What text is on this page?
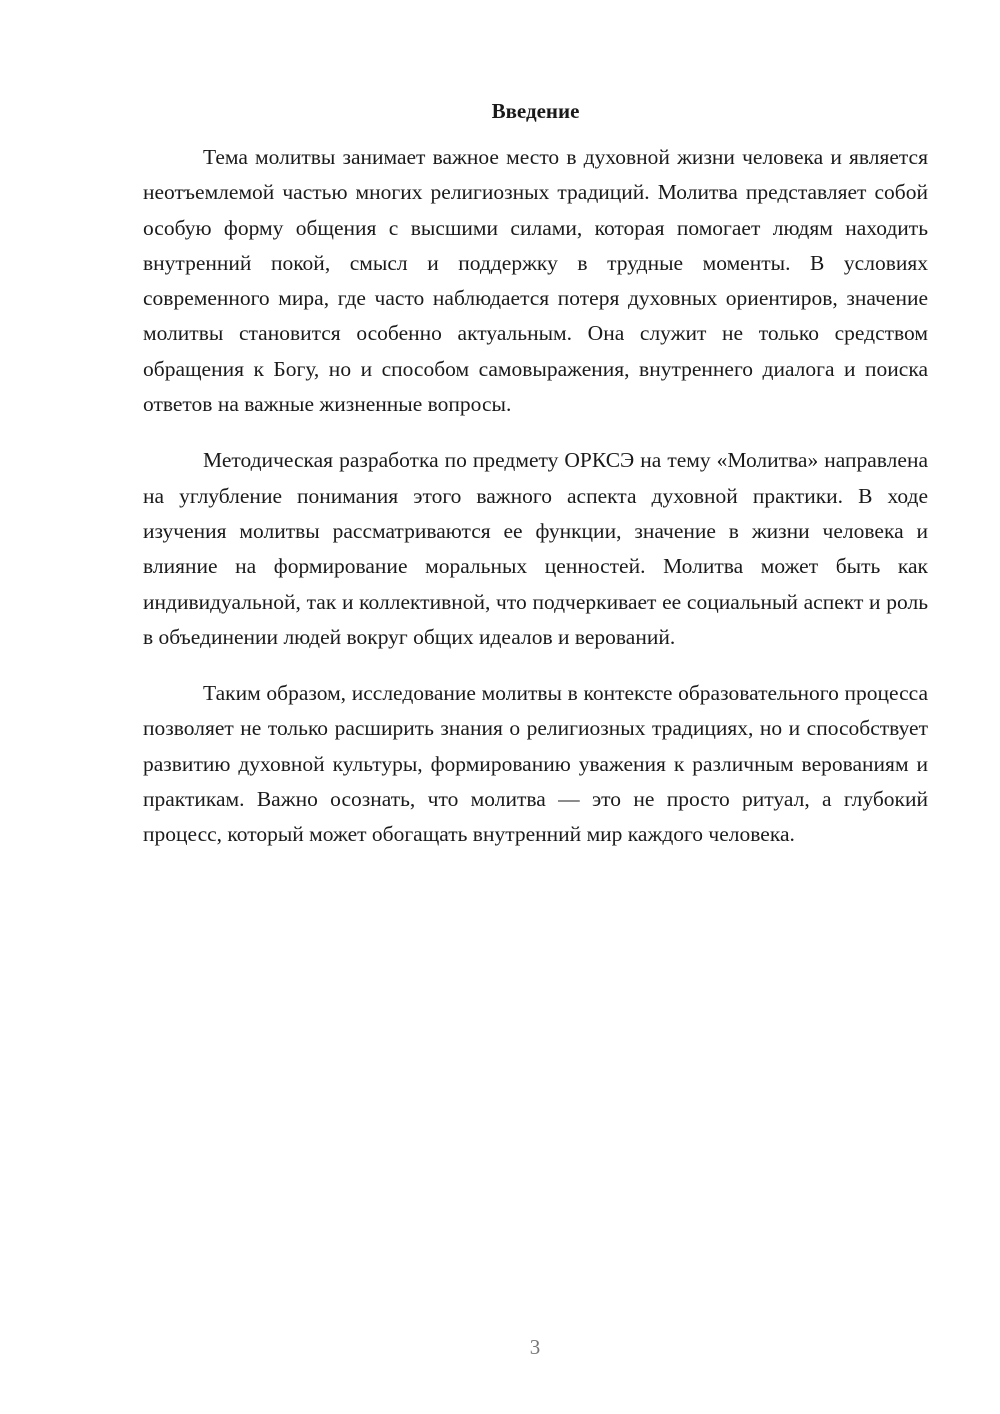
Введение

Тема молитвы занимает важное место в духовной жизни человека и является неотъемлемой частью многих религиозных традиций. Молитва представляет собой особую форму общения с высшими силами, которая помогает людям находить внутренний покой, смысл и поддержку в трудные моменты. В условиях современного мира, где часто наблюдается потеря духовных ориентиров, значение молитвы становится особенно актуальным. Она служит не только средством обращения к Богу, но и способом самовыражения, внутреннего диалога и поиска ответов на важные жизненные вопросы.

Методическая разработка по предмету ОРКСЭ на тему «Молитва» направлена на углубление понимания этого важного аспекта духовной практики. В ходе изучения молитвы рассматриваются ее функции, значение в жизни человека и влияние на формирование моральных ценностей. Молитва может быть как индивидуальной, так и коллективной, что подчеркивает ее социальный аспект и роль в объединении людей вокруг общих идеалов и верований.

Таким образом, исследование молитвы в контексте образовательного процесса позволяет не только расширить знания о религиозных традициях, но и способствует развитию духовной культуры, формированию уважения к различным верованиям и практикам. Важно осознать, что молитва — это не просто ритуал, а глубокий процесс, который может обогащать внутренний мир каждого человека.

3
